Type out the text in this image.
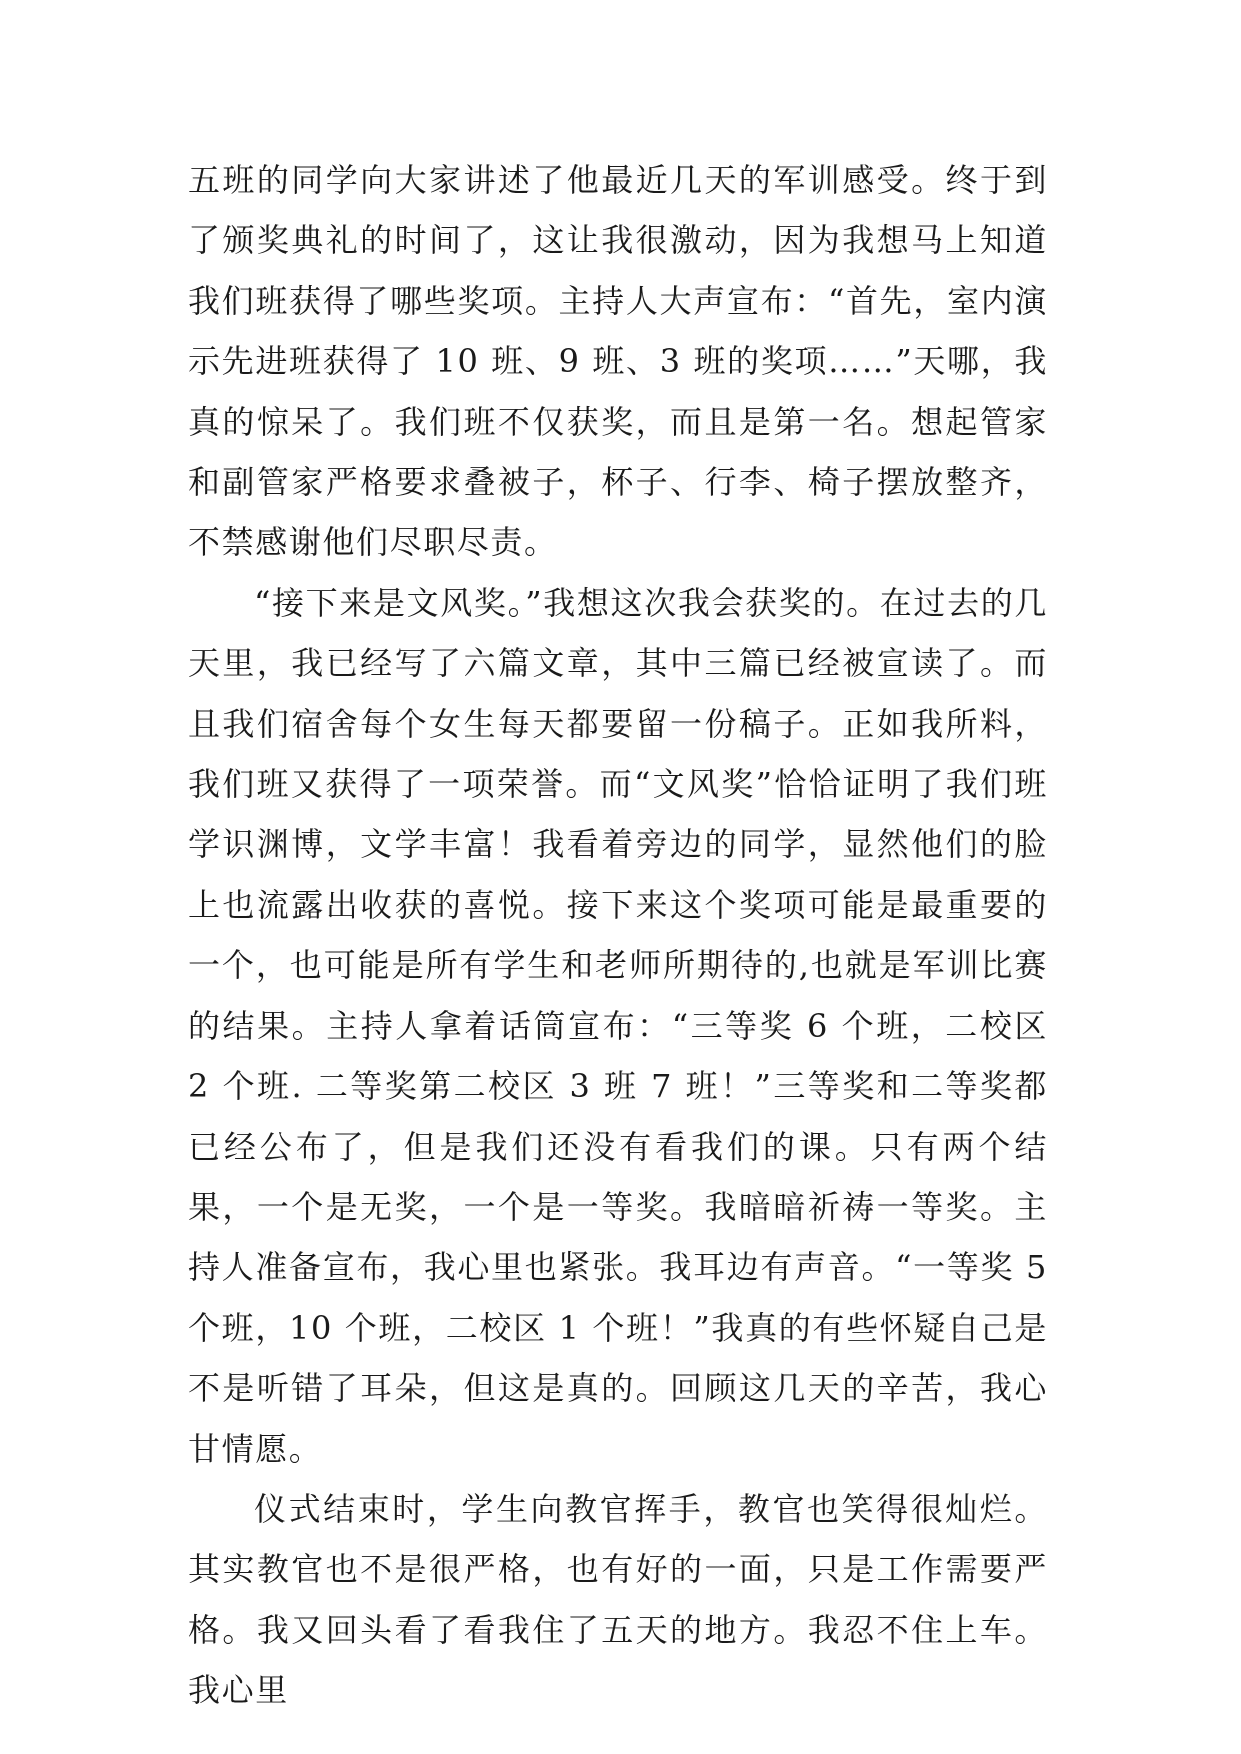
五班的同学向大家讲述了他最近几天的军训感受。终于到了颁奖典礼的时间了，这让我很激动，因为我想马上知道我们班获得了哪些奖项。主持人大声宣布：“首先，室内演示先进班获得了 10 班、9 班、3 班的奖项……”天哪，我真的惊呆了。我们班不仅获奖，而且是第一名。想起管家和副管家严格要求叠被子，杯子、行李、椅子摆放整齐，不禁感谢他们尽职尽责。

“接下来是文风奖。”我想这次我会获奖的。在过去的几天里，我已经写了六篇文章，其中三篇已经被宣读了。而且我们宿舍每个女生每天都要留一份稿子。正如我所料，我们班又获得了一项荣誉。而“文风奖”恰恰证明了我们班学识渊博，文学丰富！我看着旁边的同学，显然他们的脸上也流露出收获的喜悦。接下来这个奖项可能是最重要的一个，也可能是所有学生和老师所期待的,也就是军训比赛的结果。主持人拿着话筒宣布：“三等奖 6 个班，二校区 2 个班. 二等奖第二校区 3 班 7 班！”三等奖和二等奖都已经公布了，但是我们还没有看我们的课。只有两个结果，一个是无奖，一个是一等奖。我暗暗祈祷一等奖。主持人准备宣布，我心里也紧张。我耳边有声音。“一等奖 5 个班，10 个班，二校区 1 个班！”我真的有些怀疑自己是不是听错了耳朵，但这是真的。回顾这几天的辛苦，我心甘情愿。

仪式结束时，学生向教官挥手，教官也笑得很灿烂。其实教官也不是很严格，也有好的一面，只是工作需要严格。我又回头看了看我住了五天的地方。我忍不住上车。我心里
